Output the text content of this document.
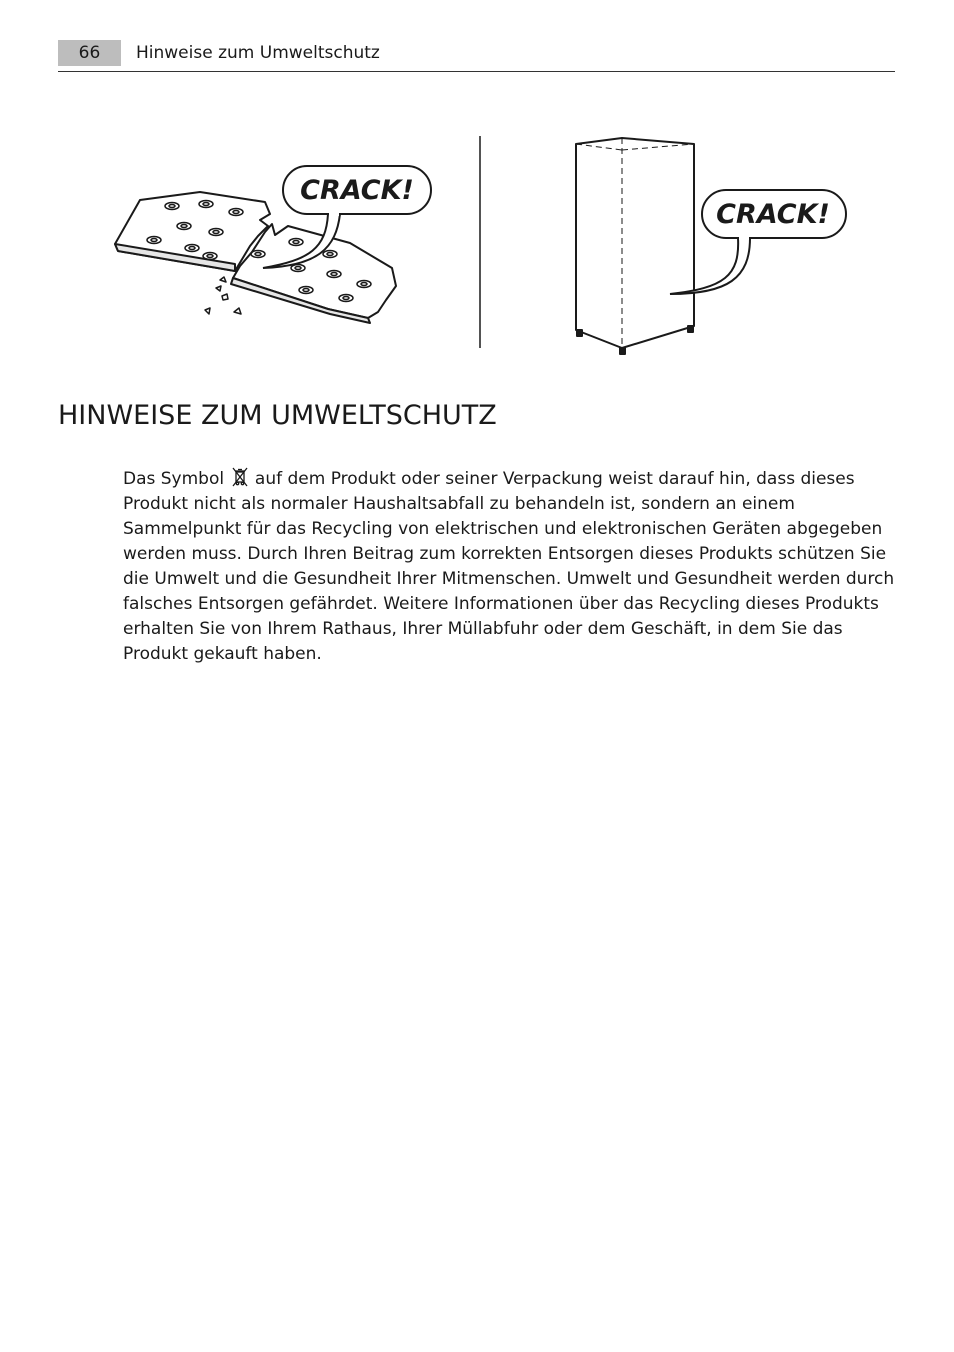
66	Hinweise zum Umweltschutz
CRACK!
CRACK!
HINWEISE ZUM UMWELTSCHUTZ

Das Symbol auf dem Produkt oder seiner Verpackung weist darauf hin, dass dieses Produkt nicht als normaler Haushaltsabfall zu behandeln ist, sondern an einem Sammelpunkt für das Recycling von elektrischen und elektronischen Geräten abgegeben werden muss. Durch Ihren Beitrag zum korrekten Entsorgen dieses Produkts schützen Sie die Umwelt und die Gesundheit Ihrer Mitmenschen. Umwelt und Gesundheit werden durch falsches Entsorgen gefährdet. Weitere Informationen über das Recycling dieses Produkts erhalten Sie von Ihrem Rathaus, Ihrer Müllabfuhr oder dem Geschäft, in dem Sie das Produkt gekauft haben.
